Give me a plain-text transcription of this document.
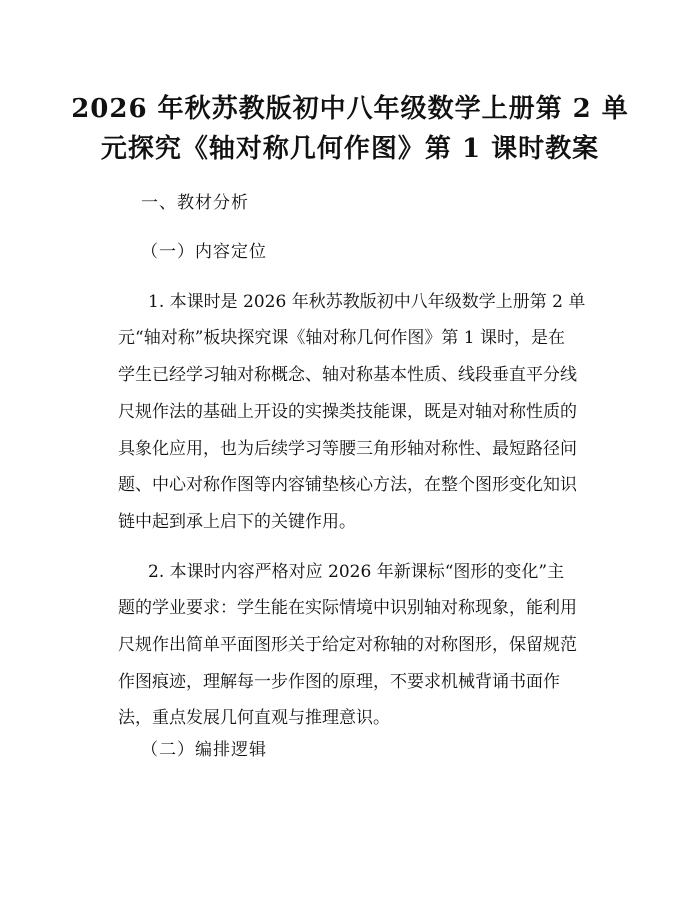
2026 年秋苏教版初中八年级数学上册第 2 单
元探究《轴对称几何作图》第 1 课时教案
一、教材分析
（一）内容定位
1. 本课时是 2026 年秋苏教版初中八年级数学上册第 2 单
元“轴对称”板块探究课《轴对称几何作图》第 1 课时，是在
学生已经学习轴对称概念、轴对称基本性质、线段垂直平分线
尺规作法的基础上开设的实操类技能课，既是对轴对称性质的
具象化应用，也为后续学习等腰三角形轴对称性、最短路径问
题、中心对称作图等内容铺垫核心方法，在整个图形变化知识
链中起到承上启下的关键作用。
2. 本课时内容严格对应 2026 年新课标“图形的变化”主
题的学业要求：学生能在实际情境中识别轴对称现象，能利用
尺规作出简单平面图形关于给定对称轴的对称图形，保留规范
作图痕迹，理解每一步作图的原理，不要求机械背诵书面作
法，重点发展几何直观与推理意识。
（二）编排逻辑
